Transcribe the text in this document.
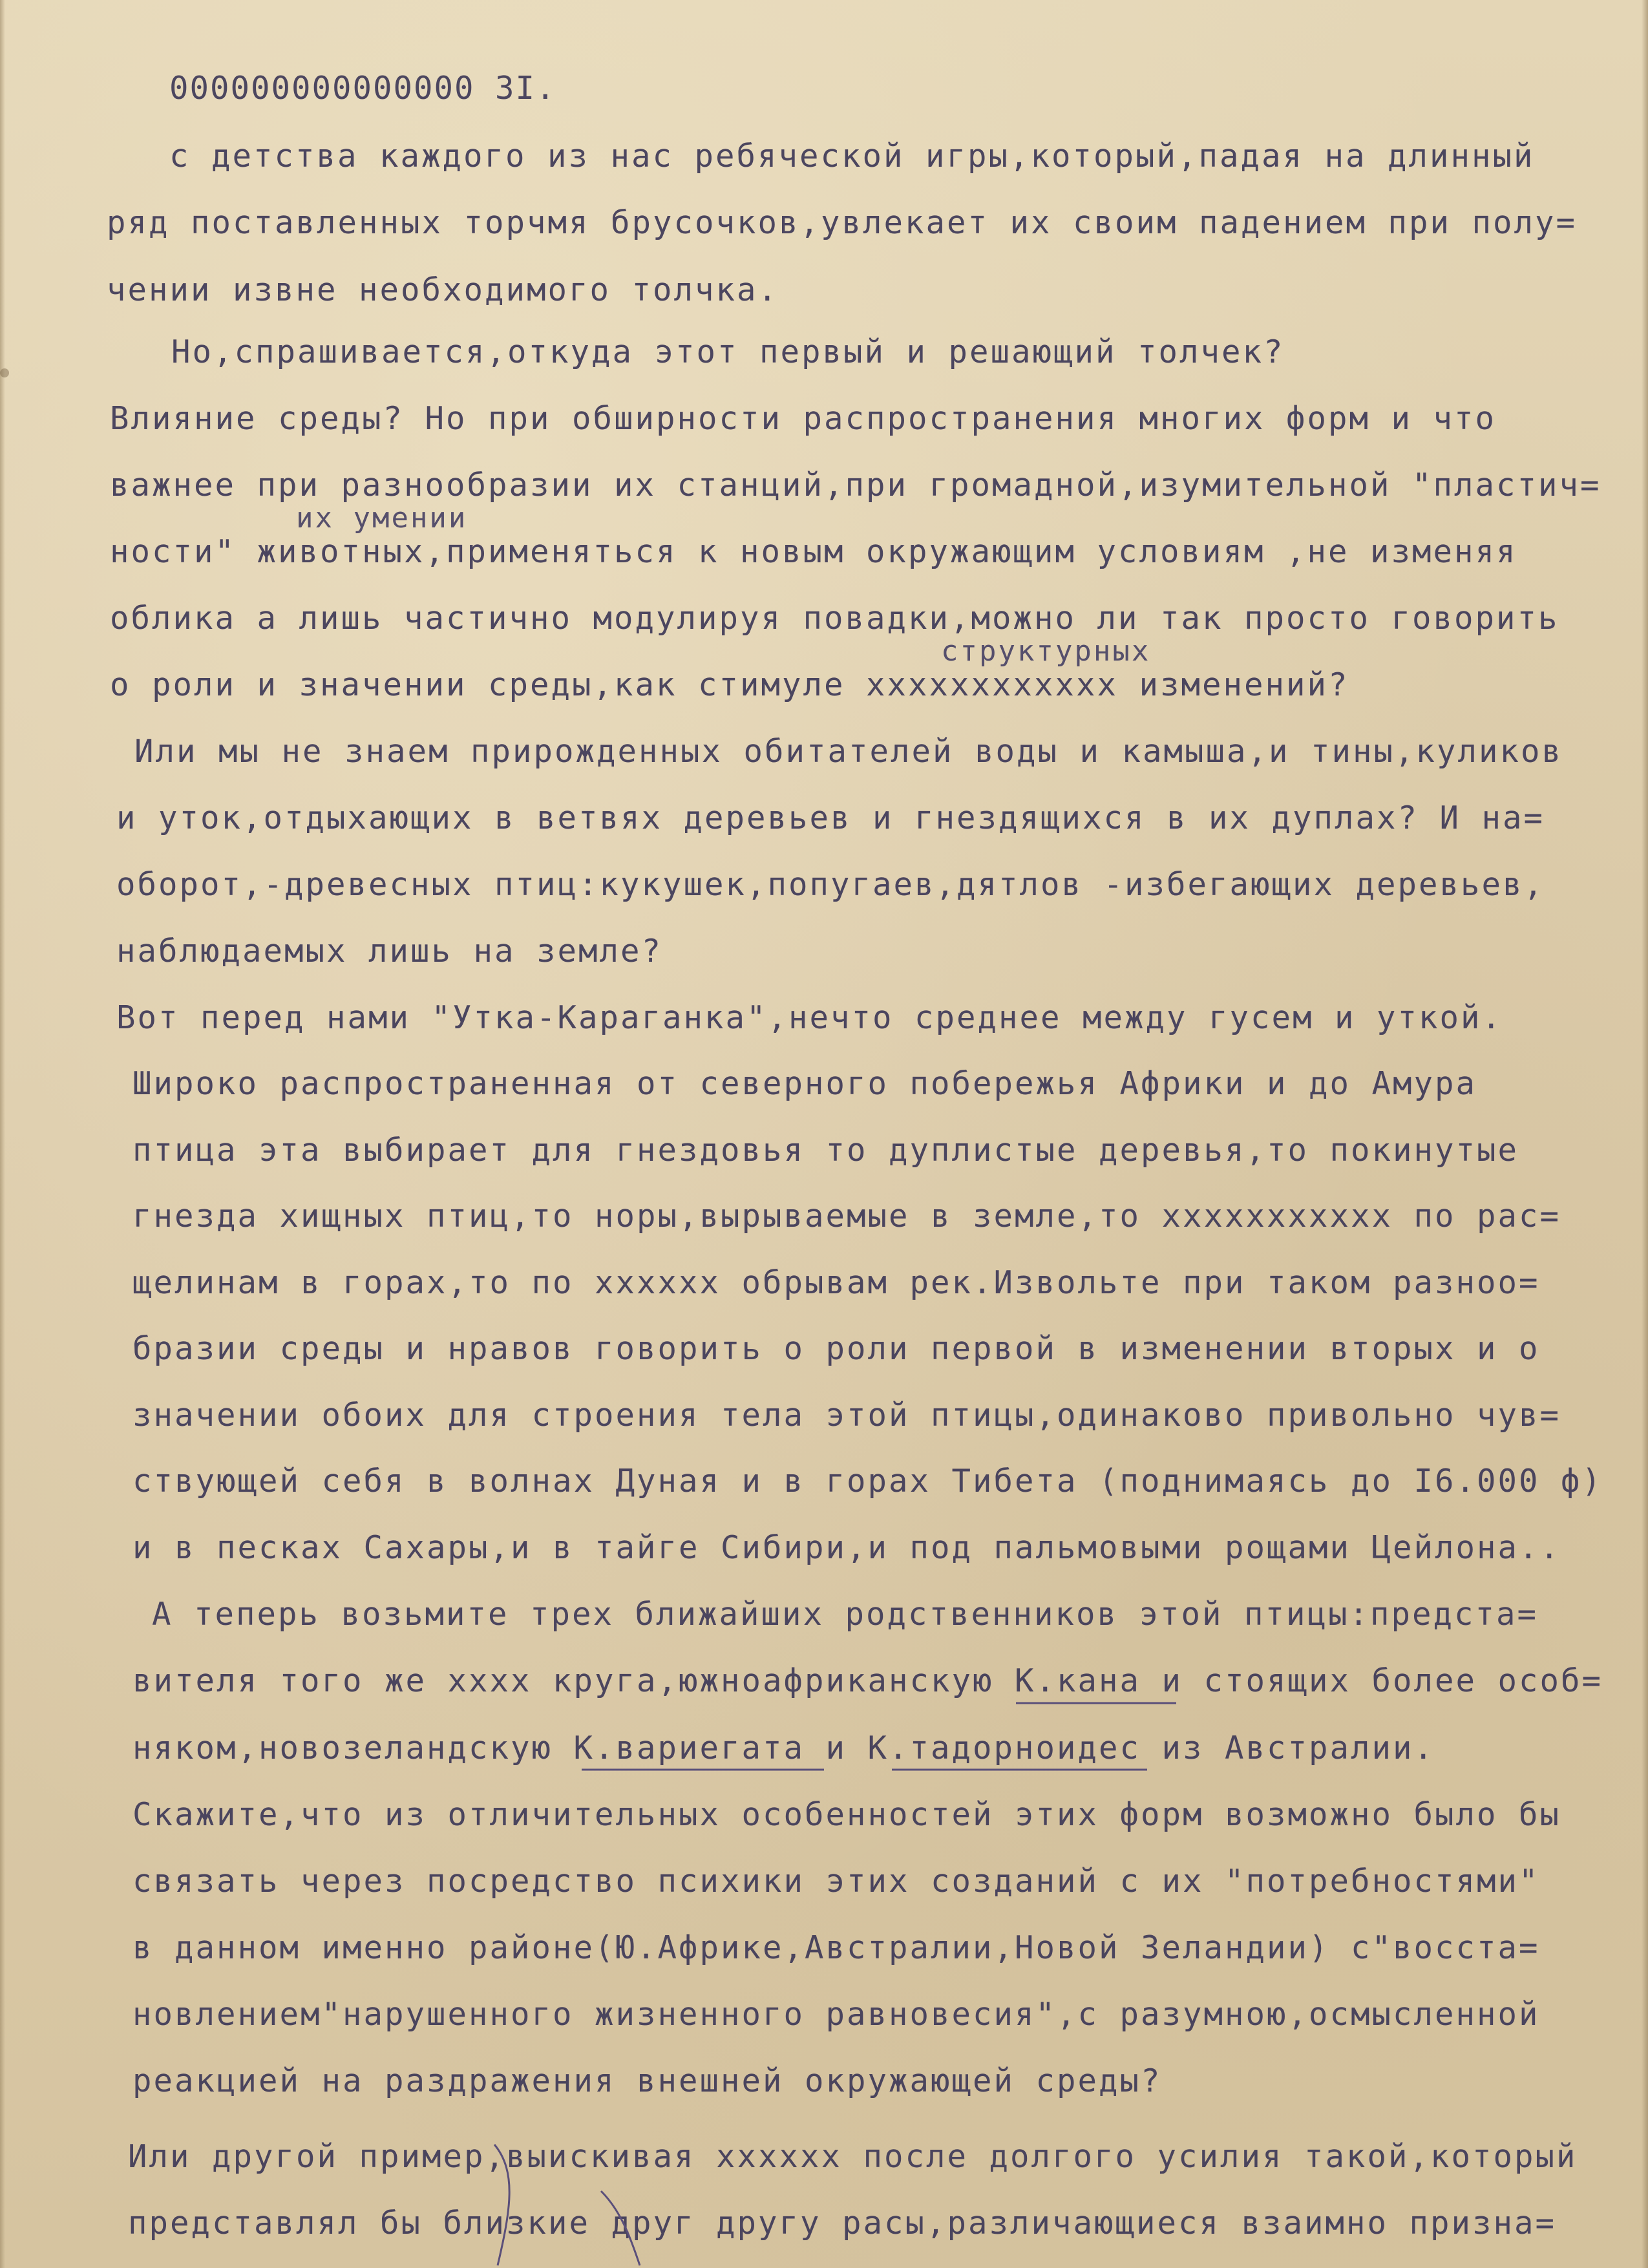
000000000000000 3I.
с детства каждого из нас ребяческой игры,который,падая на длинный
ряд поставленных торчмя брусочков,увлекает их своим падением при полу=
чении извне необходимого толчка.
Но,спрашивается,откуда этот первый и решающий толчек?
Влияние среды? Но при обширности распространения многих форм и что
важнее при разнообразии их станций,при громадной,изумительной "пластич=
их умении
ности" животных,применяться к новым окружающим условиям ,не изменяя
облика а лишь частично модулируя повадки,можно ли так просто говорить
структурных
о роли и значении среды,как стимуле хххххххххххх изменений?
Или мы не знаем прирожденных обитателей воды и камыша,и тины,куликов
и уток,отдыхающих в ветвях деревьев и гнездящихся в их дуплах? И на=
оборот,-древесных птиц:кукушек,попугаев,дятлов -избегающих деревьев,
наблюдаемых лишь на земле?
Вот перед нами "Утка-Караганка",нечто среднее между гусем и уткой.
Широко распространенная от северного побережья Африки и до Амура
птица эта выбирает для гнездовья то дуплистые деревья,то покинутые
гнезда хищных птиц,то норы,вырываемые в земле,то ххххххххххх по рас=
щелинам в горах,то по хххххх обрывам рек.Извольте при таком разноо=
бразии среды и нравов говорить о роли первой в изменении вторых и о
значении обоих для строения тела этой птицы,одинаково привольно чув=
ствующей себя в волнах Дуная и в горах Тибета (поднимаясь до I6.000 ф)
и в песках Сахары,и в тайге Сибири,и под пальмовыми рощами Цейлона..
А теперь возьмите трех ближайших родственников этой птицы:предста=
вителя того же хххх круга,южноафриканскую К.кана и стоящих более особ=
няком,новозеландскую К.вариегата и К.тадорноидес из Австралии.
Скажите,что из отличительных особенностей этих форм возможно было бы
связать через посредство психики этих созданий с их "потребностями"
в данном именно районе(Ю.Африке,Австралии,Новой Зеландии) с"восста=
новлением"нарушенного жизненного равновесия",с разумною,осмысленной
реакцией на раздражения внешней окружающей среды?
Или другой пример,выискивая хххххх после долгого усилия такой,который
представлял бы близкие друг другу расы,различающиеся взаимно призна=
